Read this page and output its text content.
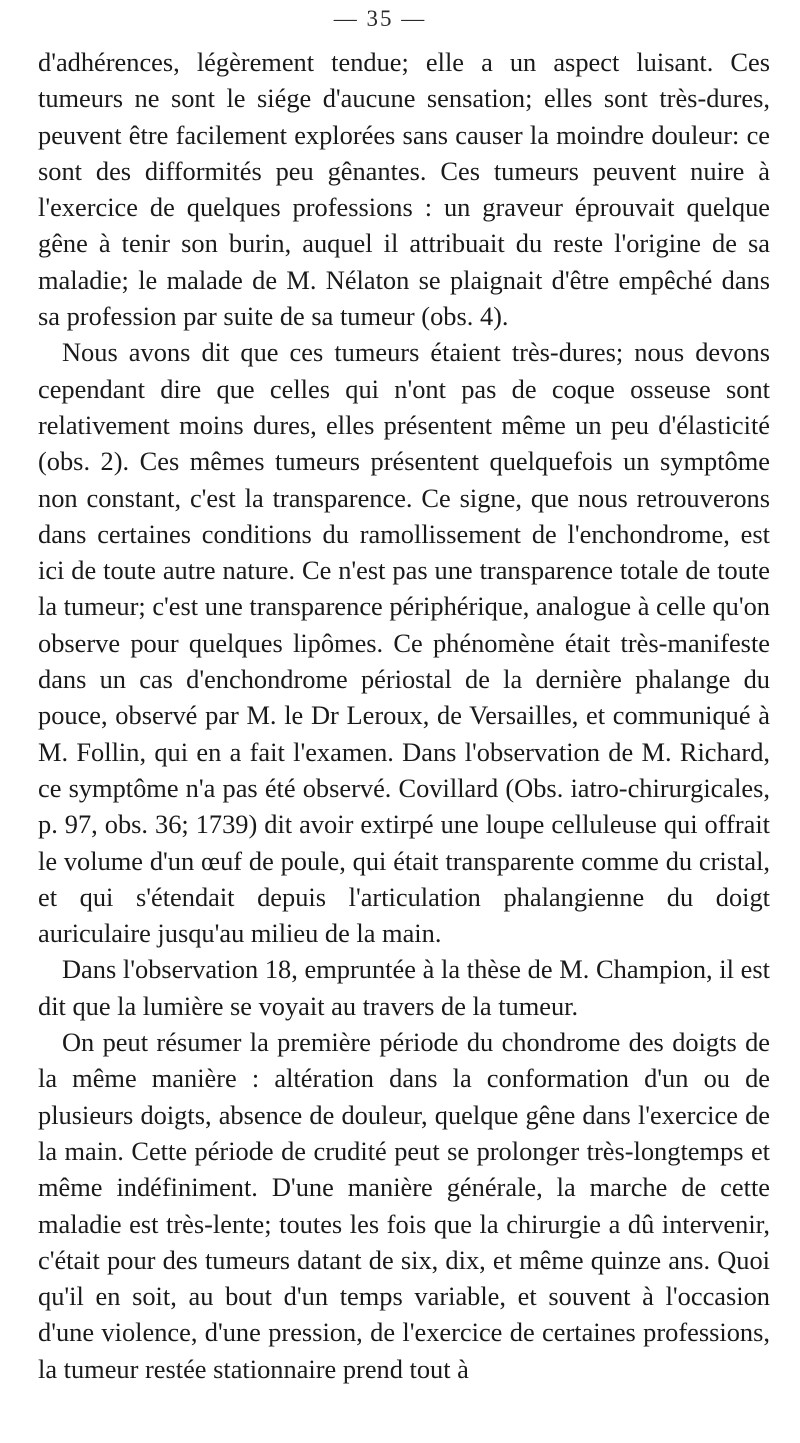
— 35 —

d'adhérences, légèrement tendue; elle a un aspect luisant. Ces tumeurs ne sont le siége d'aucune sensation; elles sont très-dures, peuvent être facilement explorées sans causer la moindre douleur: ce sont des difformités peu gênantes. Ces tumeurs peuvent nuire à l'exercice de quelques professions : un graveur éprouvait quelque gêne à tenir son burin, auquel il attribuait du reste l'origine de sa maladie; le malade de M. Nélaton se plaignait d'être empêché dans sa profession par suite de sa tumeur (obs. 4).

Nous avons dit que ces tumeurs étaient très-dures; nous devons cependant dire que celles qui n'ont pas de coque osseuse sont relativement moins dures, elles présentent même un peu d'élasticité (obs. 2). Ces mêmes tumeurs présentent quelquefois un symptôme non constant, c'est la transparence. Ce signe, que nous retrouverons dans certaines conditions du ramollissement de l'enchondrome, est ici de toute autre nature. Ce n'est pas une transparence totale de toute la tumeur; c'est une transparence périphérique, analogue à celle qu'on observe pour quelques lipômes. Ce phénomène était très-manifeste dans un cas d'enchondrome périostal de la dernière phalange du pouce, observé par M. le Dr Leroux, de Versailles, et communiqué à M. Follin, qui en a fait l'examen. Dans l'observation de M. Richard, ce symptôme n'a pas été observé. Covillard (Obs. iatro-chirurgicales, p. 97, obs. 36; 1739) dit avoir extirpé une loupe celluleuse qui offrait le volume d'un œuf de poule, qui était transparente comme du cristal, et qui s'étendait depuis l'articulation phalangienne du doigt auriculaire jusqu'au milieu de la main.

Dans l'observation 18, empruntée à la thèse de M. Champion, il est dit que la lumière se voyait au travers de la tumeur.

On peut résumer la première période du chondrome des doigts de la même manière : altération dans la conformation d'un ou de plusieurs doigts, absence de douleur, quelque gêne dans l'exercice de la main. Cette période de crudité peut se prolonger très-longtemps et même indéfiniment. D'une manière générale, la marche de cette maladie est très-lente; toutes les fois que la chirurgie a dû intervenir, c'était pour des tumeurs datant de six, dix, et même quinze ans. Quoi qu'il en soit, au bout d'un temps variable, et souvent à l'occasion d'une violence, d'une pression, de l'exercice de certaines professions, la tumeur restée stationnaire prend tout à
